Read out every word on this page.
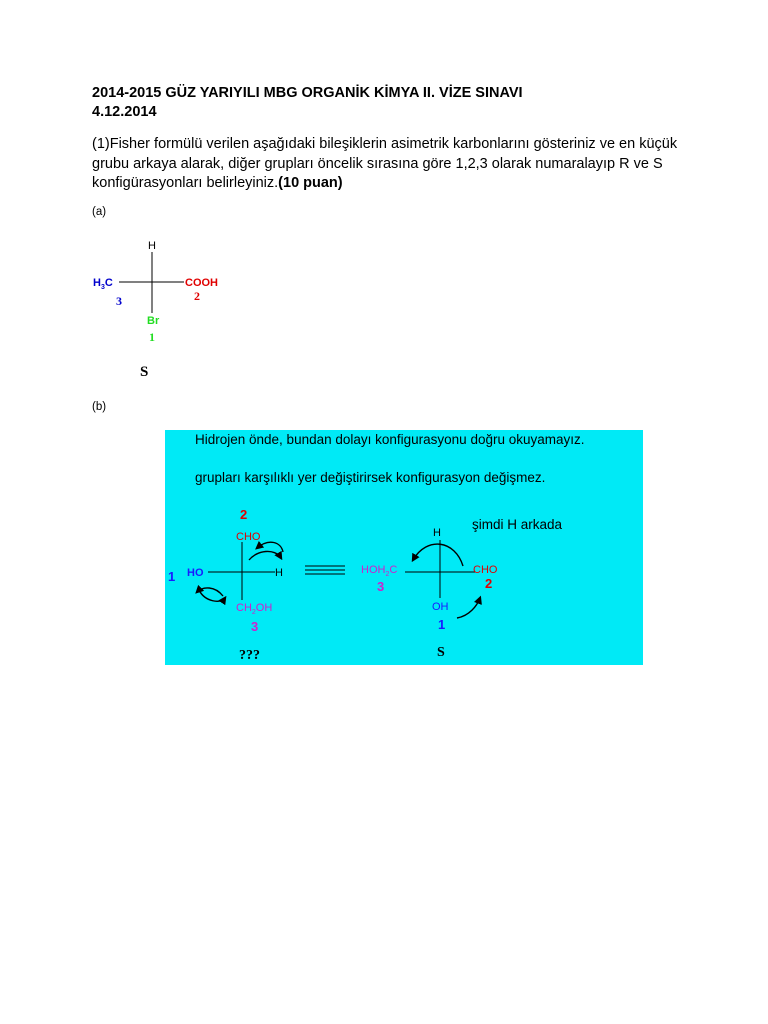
2014-2015 GÜZ YARIYILI MBG ORGANİK KİMYA II. VİZE SINAVI
4.12.2014
(1)Fisher formülü verilen aşağıdaki bileşiklerin asimetrik karbonlarını gösteriniz ve en küçük grubu arkaya alarak, diğer grupları öncelik sırasına göre 1,2,3 olarak numaralayıp R ve S konfigürasyonları belirleyiniz.(10 puan)
(a)
H
$H_3C$	COOH
Br
3	2
1
S
(b)
Hidrojen önde, bundan dolayı konfigurasyonu doğru okuyamayız.
grupları karşılıklı yer değiştirirsek konfigurasyon değişmez.
şimdi H arkada
2
CHO
1 HO	H
$CH_2OH$
3
???
H
$HOH_2C$
3
CHO
2
OH
1
S
